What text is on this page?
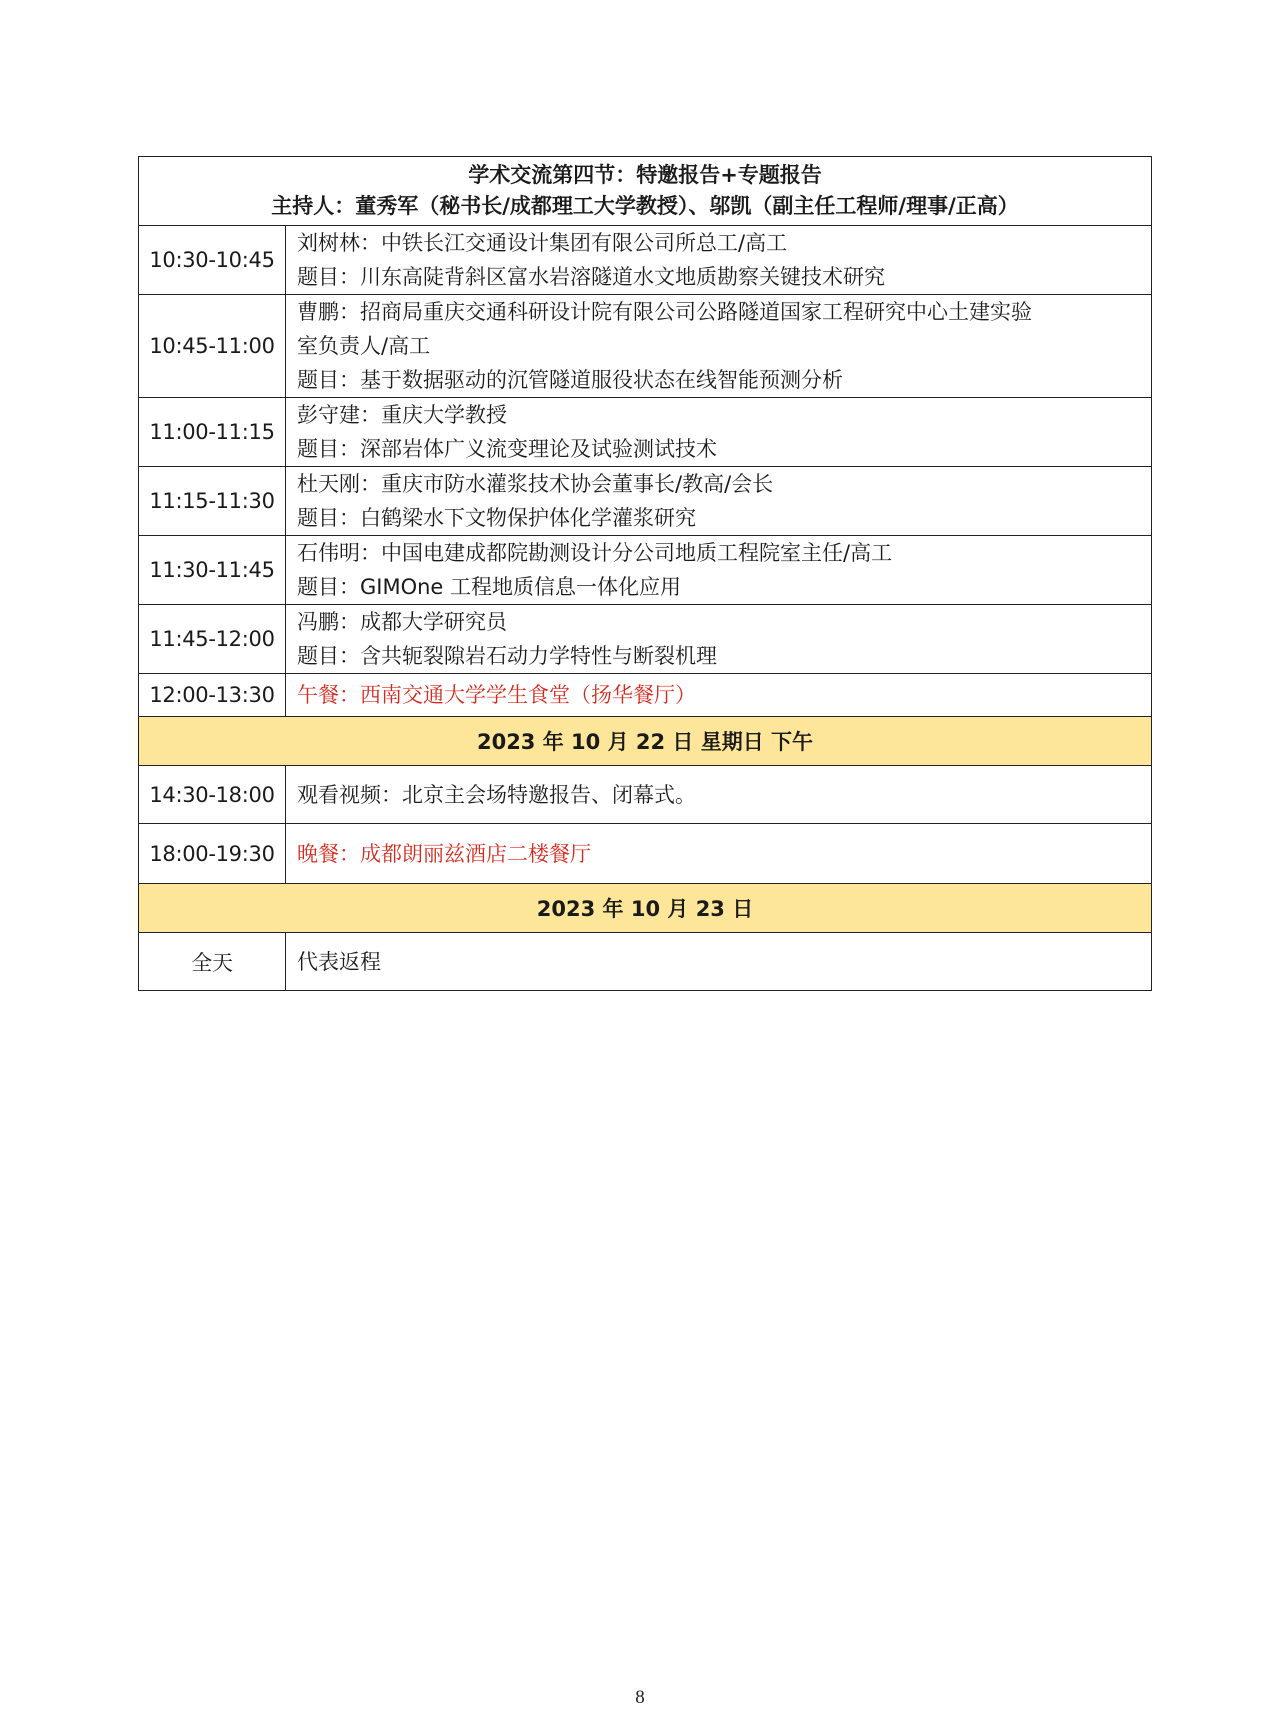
学术交流第四节：特邀报告+专题报告
主持人：董秀军（秘书长/成都理工大学教授）、邬凯（副主任工程师/理事/正高）	

10:30-10:45	刘树林：中铁长江交通设计集团有限公司所总工/高工
题目：川东高陡背斜区富水岩溶隧道水文地质勘察关键技术研究

10:45-11:00	曹鹏：招商局重庆交通科研设计院有限公司公路隧道国家工程研究中心土建实验
室负责人/高工
题目：基于数据驱动的沉管隧道服役状态在线智能预测分析

11:00-11:15	彭守建：重庆大学教授
题目：深部岩体广义流变理论及试验测试技术

11:15-11:30	杜天刚：重庆市防水灌浆技术协会董事长/教高/会长
题目：白鹤梁水下文物保护体化学灌浆研究

11:30-11:45	石伟明：中国电建成都院勘测设计分公司地质工程院室主任/高工
题目：GIMOne 工程地质信息一体化应用

11:45-12:00	冯鹏：成都大学研究员
题目：含共轭裂隙岩石动力学特性与断裂机理

12:00-13:30	午餐：西南交通大学学生食堂（扬华餐厅）
2023 年 10 月 22 日 星期日 下午	
14:30-18:00	观看视频：北京主会场特邀报告、闭幕式。
18:00-19:30	晚餐：成都朗丽兹酒店二楼餐厅
2023 年 10 月 23 日	
全天	代表返程
8
